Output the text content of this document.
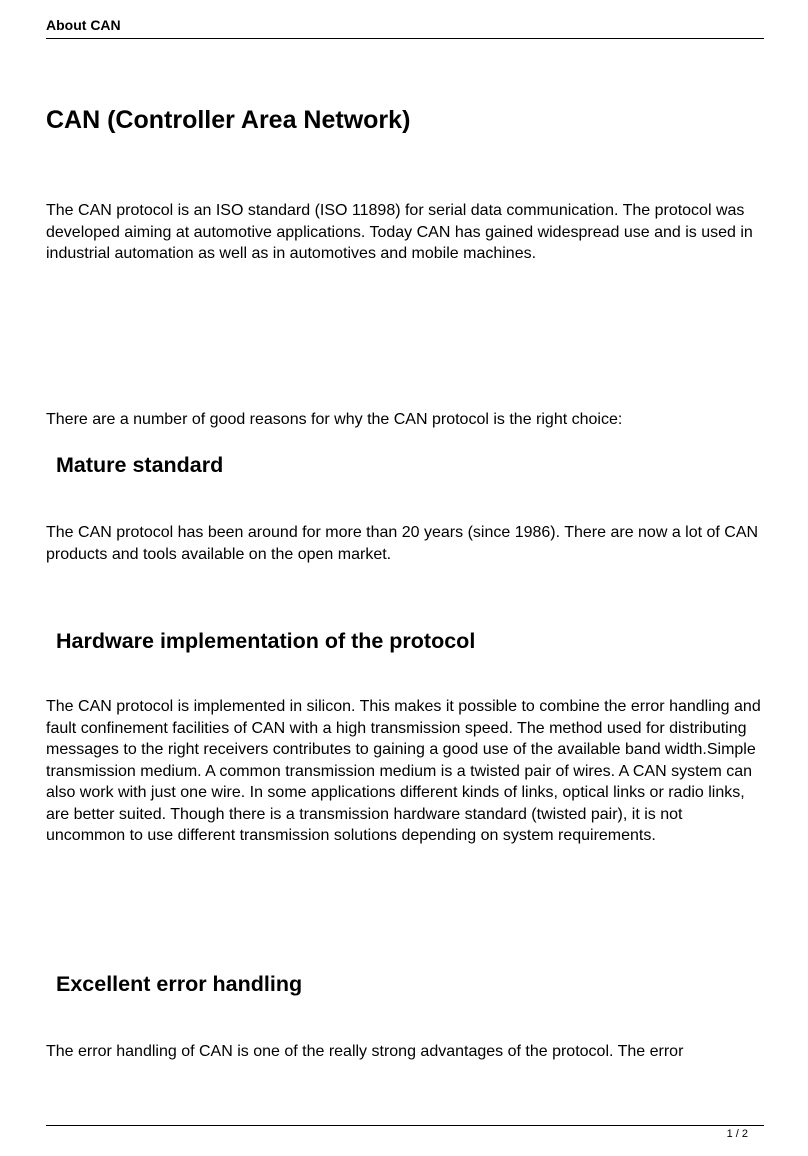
About CAN
CAN (Controller Area Network)

The CAN protocol is an ISO standard (ISO 11898) for serial data communication. The protocol was developed aiming at automotive applications. Today CAN has gained widespread use and is used in industrial automation as well as in automotives and mobile machines.

There are a number of good reasons for why the CAN protocol is the right choice:

Mature standard

The CAN protocol has been around for more than 20 years (since 1986). There are now a lot of CAN products and tools available on the open market.

Hardware implementation of the protocol

The CAN protocol is implemented in silicon. This makes it possible to combine the error handling and fault confinement facilities of CAN with a high transmission speed. The method used for distributing messages to the right receivers contributes to gaining a good use of the available band width.Simple transmission medium. A common transmission medium is a twisted pair of wires. A CAN system can also work with just one wire. In some applications different kinds of links, optical links or radio links, are better suited. Though there is a transmission hardware standard (twisted pair), it is not uncommon to use different transmission solutions depending on system requirements.

Excellent error handling

The error handling of CAN is one of the really strong advantages of the protocol. The error

1 / 2
